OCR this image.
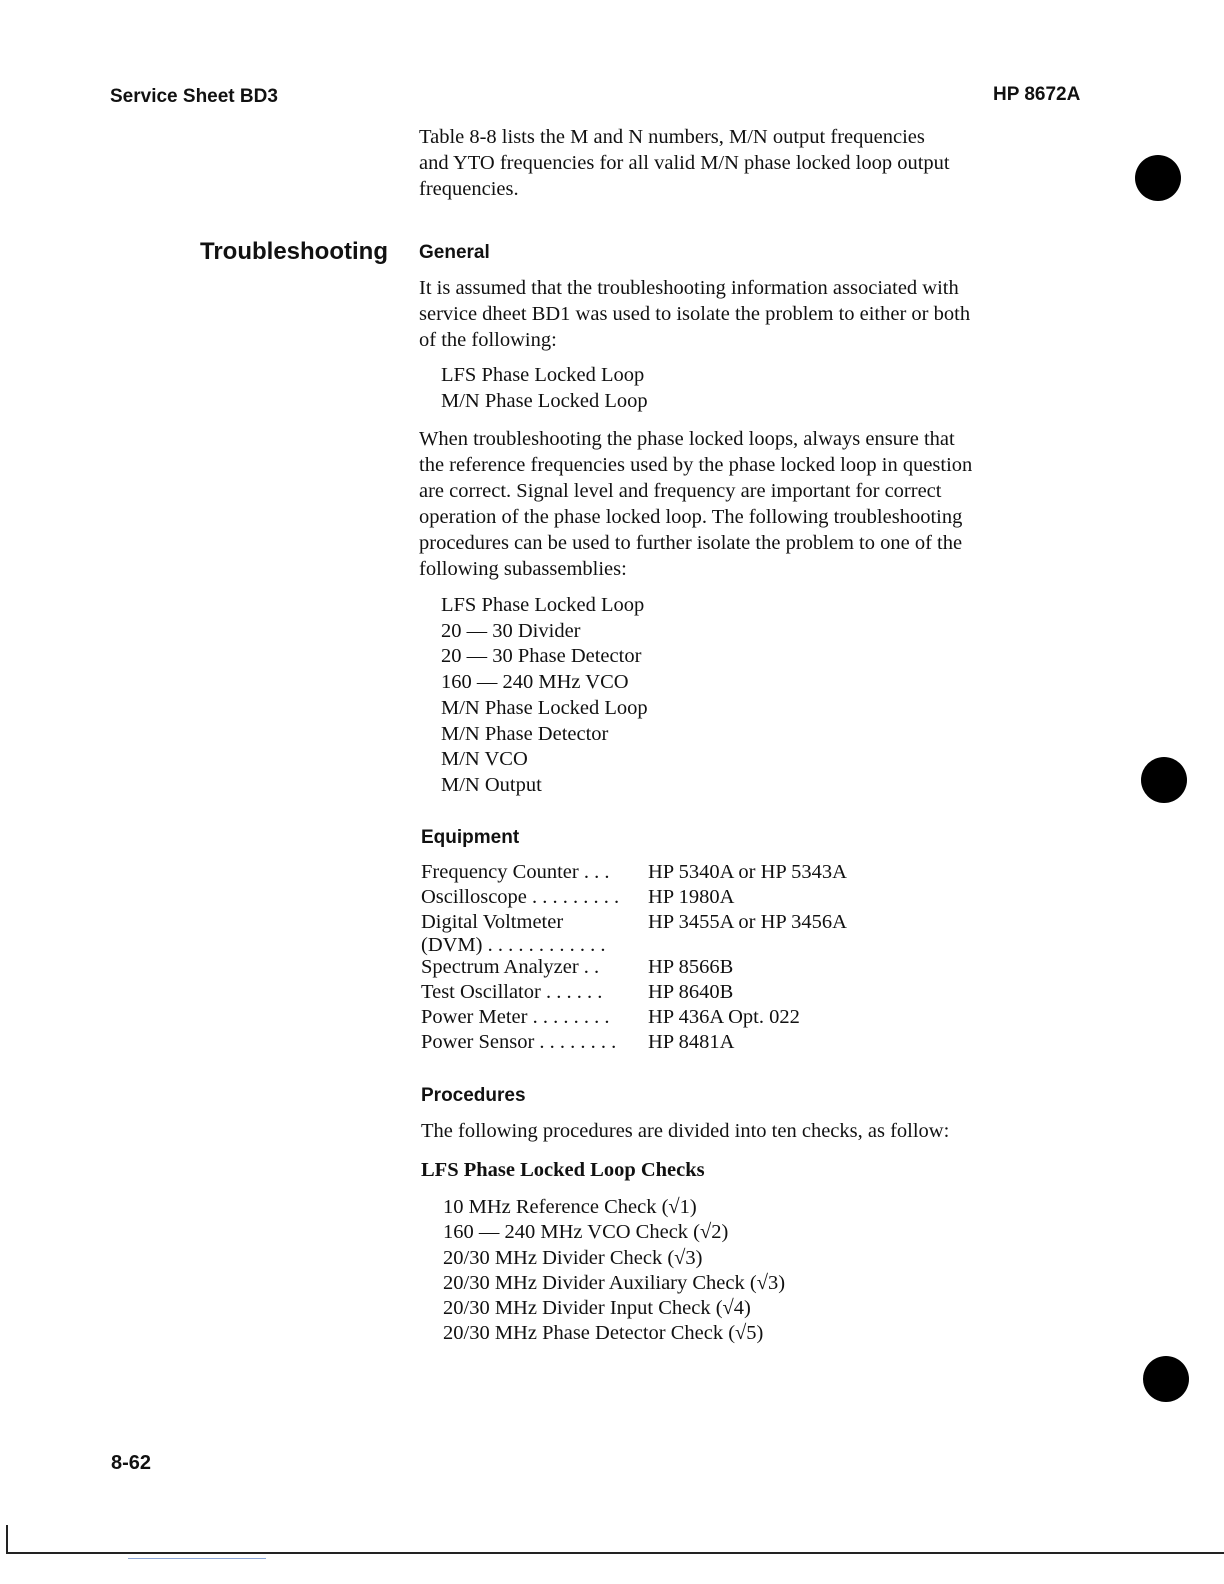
Service Sheet BD3	HP 8672A

Table 8-8 lists the M and N numbers, M/N output frequencies

and YTO frequencies for all valid M/N phase locked loop output

frequencies.

Troubleshooting General

It is assumed that the troubleshooting information associated with

service dheet BD1 was used to isolate the problem to either or both

of the following:

LFS Phase Locked Loop
M/N Phase Locked Loop

When troubleshooting the phase locked loops, always ensure that

the reference frequencies used by the phase locked loop in question

are correct. Signal level and frequency are important for correct

operation of the phase locked loop. The following troubleshooting

procedures can be used to further isolate the problem to one of the

following subassemblies:

LFS Phase Locked Loop
20 — 30 Divider
20 — 30 Phase Detector
160 — 240 MHz VCO
M/N Phase Locked Loop
M/N Phase Detector
M/N VCO
M/N Output
Equipment
Frequency Counter . . . HP 5340A or HP 5343A
Oscilloscope . . . . . . . . . HP 1980A
Digital Voltmeter	HP 3455A or HP 3456A
(DVM) . . . . . . . . . . . .
Spectrum Analyzer . . HP 8566B
Test Oscillator . . . . . . HP 8640B
Power Meter . . . . . . . . HP 436A Opt. 022
Power Sensor . . . . . . . . HP 8481A
Procedures
The following procedures are divided into ten checks, as follow:
LFS Phase Locked Loop Checks
10 MHz Reference Check (√1)
160 — 240 MHz VCO Check (√2)
20/30 MHz Divider Check (√3)
20/30 MHz Divider Auxiliary Check (√3)
20/30 MHz Divider Input Check (√4)
20/30 MHz Phase Detector Check (√5)
8-62
